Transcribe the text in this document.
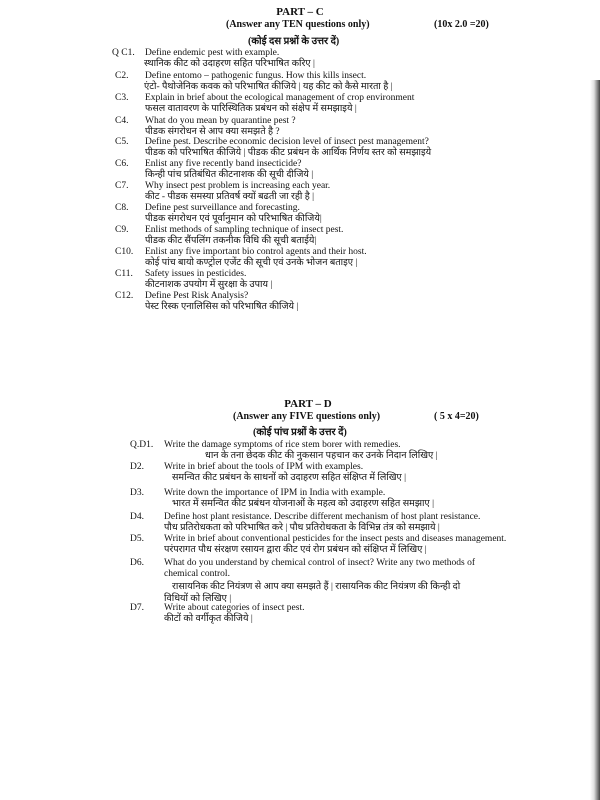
PART – C
(Answer any TEN questions only)	(10x 2.0 =20)
(कोई दस प्रश्नों के उत्तर दें)
Q C1. Define endemic pest with example.
स्थानिक कीट को उदाहरण सहित परिभाषित करिए |
C2. Define entomo – pathogenic fungus. How this kills insect.
एंटो- पैथोजेनिक कवक को परिभाषित कीजिये | यह कीट को कैसे मारता है |
C3. Explain in brief about the ecological management of crop environment
फसल वातावरण के पारिस्थितिक प्रबंधन को संक्षेप में समझाइये |
C4. What do you mean by quarantine pest ?
पीडक संगरोधन से आप क्या समझते है ?
C5. Define pest. Describe economic decision level of insect pest management?
पीडक को परिभाषित कीजिये | पीडक कीट प्रबंधन के आर्थिक निर्णय स्तर को समझाइये
C6. Enlist any five recently band insecticide?
किन्ही पांच प्रतिबंधित कीटनाशक की सूची दीजिये |
C7. Why insect pest problem is increasing each year.
कीट - पीडक समस्या प्रतिवर्ष क्यों बढती जा रही है |
C8. Define pest surveillance and forecasting.
पीडक संगरोधन एवं पूर्वानुमान को परिभाषित कीजिये|
C9. Enlist methods of sampling technique of insect pest.
पीडक कीट सैंपलिंग तकनीक विधि की सूची बताईये|
C10. Enlist any five important bio control agents and their host.
कोई पांच बायो कण्ट्रोल एजेंट की सूची एवं उनके भोजन बताइए |
C11. Safety issues in pesticides.
कीटनाशक उपयोग में सुरक्षा के उपाय |
C12. Define Pest Risk Analysis?
पेस्ट रिस्क एनालिसिस को परिभाषित कीजिये |
PART – D
(Answer any FIVE questions only)	( 5 x 4=20)
(कोई पांच प्रश्नों के उत्तर दें)
Q.D1. Write the damage symptoms of rice stem borer with remedies.
धान के तना छेदक कीट की नुकसान पहचान कर उनके निदान लिखिए |
D2. Write in brief about the tools of IPM with examples.
समन्वित कीट प्रबंधन के साधनों को उदाहरण सहित संक्षिप्त में लिखिए |
D3. Write down the importance of IPM in India with example.
भारत में समन्वित कीट प्रबंधन योजनाओं के महत्व को उदाहरण सहित समझाए |
D4. Define host plant resistance. Describe different mechanism of host plant resistance.
पौध प्रतिरोधकता को परिभाषित करे | पौध प्रतिरोधकता के विभिन्न तंत्र को समझाये |
D5. Write in brief about conventional pesticides for the insect pests and diseases management.
परंपरागत पौध संरक्षण रसायन द्वारा कीट एवं रोग प्रबंधन को संक्षिप्त में लिखिए |
D6. What do you understand by chemical control of insect? Write any two methods of
chemical control.
रासायनिक कीट नियंत्रण से आप क्या समझते हैं | रासायनिक कीट नियंत्रण की किन्ही दो
विधियों को लिखिए |
D7. Write about categories of insect pest.
कीटों को वर्गीकृत कीजिये |
